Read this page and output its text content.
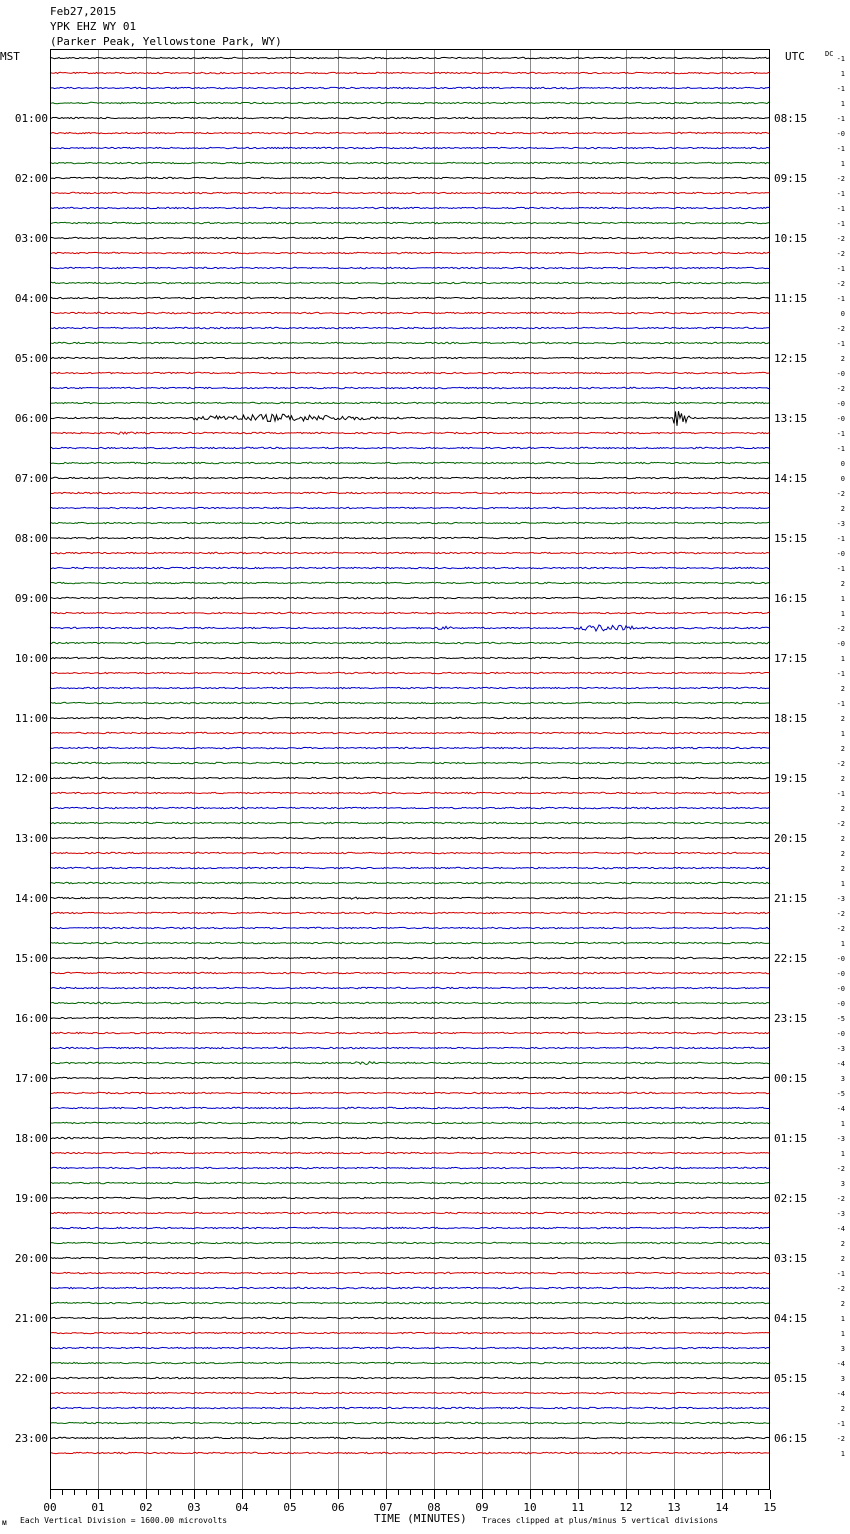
Feb27,2015
YPK EHZ WY 01
(Parker Peak, Yellowstone Park, WY)
00	01	02	03	04	05	06	07	08	09	10	11	12	13	14	15
01:00
02:00
03:00
04:00
05:00
06:00
07:00
08:00
09:00
10:00
11:00
12:00
13:00
14:00
15:00
16:00
17:00
18:00
19:00
20:00
21:00
22:00
23:00
08:15
09:15
10:15
11:15
12:15
13:15
14:15
15:15
16:15
17:15
18:15
19:15
20:15
21:15
22:15
23:15
00:15
01:15
02:15
03:15
04:15
05:15
06:15
-1
1
-1
1
-1
-0
-1
1
-2
-1
-1
-1
-2
-2
-1
-2
-1
0
-2
-1
2
-0
-2
-0
-0
-1
-1
0
0
-2
2
-3
-1
-0
-1
2
1
1
-2
-0
1
-1
2
-1
2
1
2
-2
2
-1
2
-2
2
2
2
1
-3
-2
-2
1
-0
-0
-0
-0
-5
-0
-3
-4
3
-5
-4
1
-3
1
-2
3
-2
-3
-4
2
2
-1
-2
2
1
1
3
-4
3
-4
2
-1
-2
1
MST	UTC	DC
TIME (MINUTES)
Each Vertical Division = 1600.00 microvolts	Traces clipped at plus/minus 5 vertical divisions
ᴍ
